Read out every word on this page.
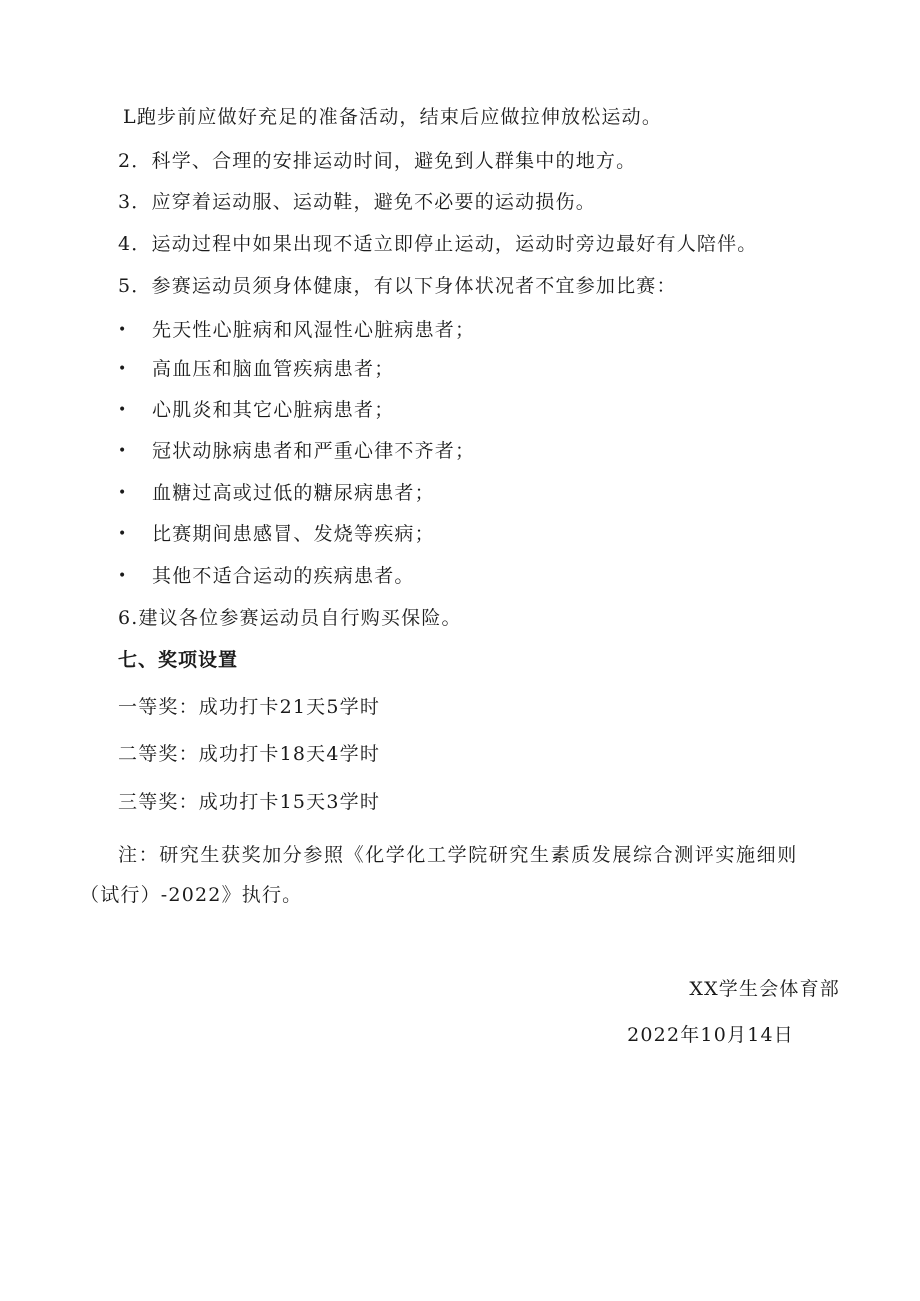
L跑步前应做好充足的准备活动，结束后应做拉伸放松运动。
2．科学、合理的安排运动时间，避免到人群集中的地方。
3．应穿着运动服、运动鞋，避免不必要的运动损伤。
4．运动过程中如果出现不适立即停止运动，运动时旁边最好有人陪伴。
5．参赛运动员须身体健康，有以下身体状况者不宜参加比赛：
• 先天性心脏病和风湿性心脏病患者；
• 高血压和脑血管疾病患者；
• 心肌炎和其它心脏病患者；
• 冠状动脉病患者和严重心律不齐者；
• 血糖过高或过低的糖尿病患者；
• 比赛期间患感冒、发烧等疾病；
• 其他不适合运动的疾病患者。
6.建议各位参赛运动员自行购买保险。
七、奖项设置
一等奖：成功打卡21天5学时
二等奖：成功打卡18天4学时
三等奖：成功打卡15天3学时
注：研究生获奖加分参照《化学化工学院研究生素质发展综合测评实施细则
（试行）-2022》执行。
XX学生会体育部
2022年10月14日
